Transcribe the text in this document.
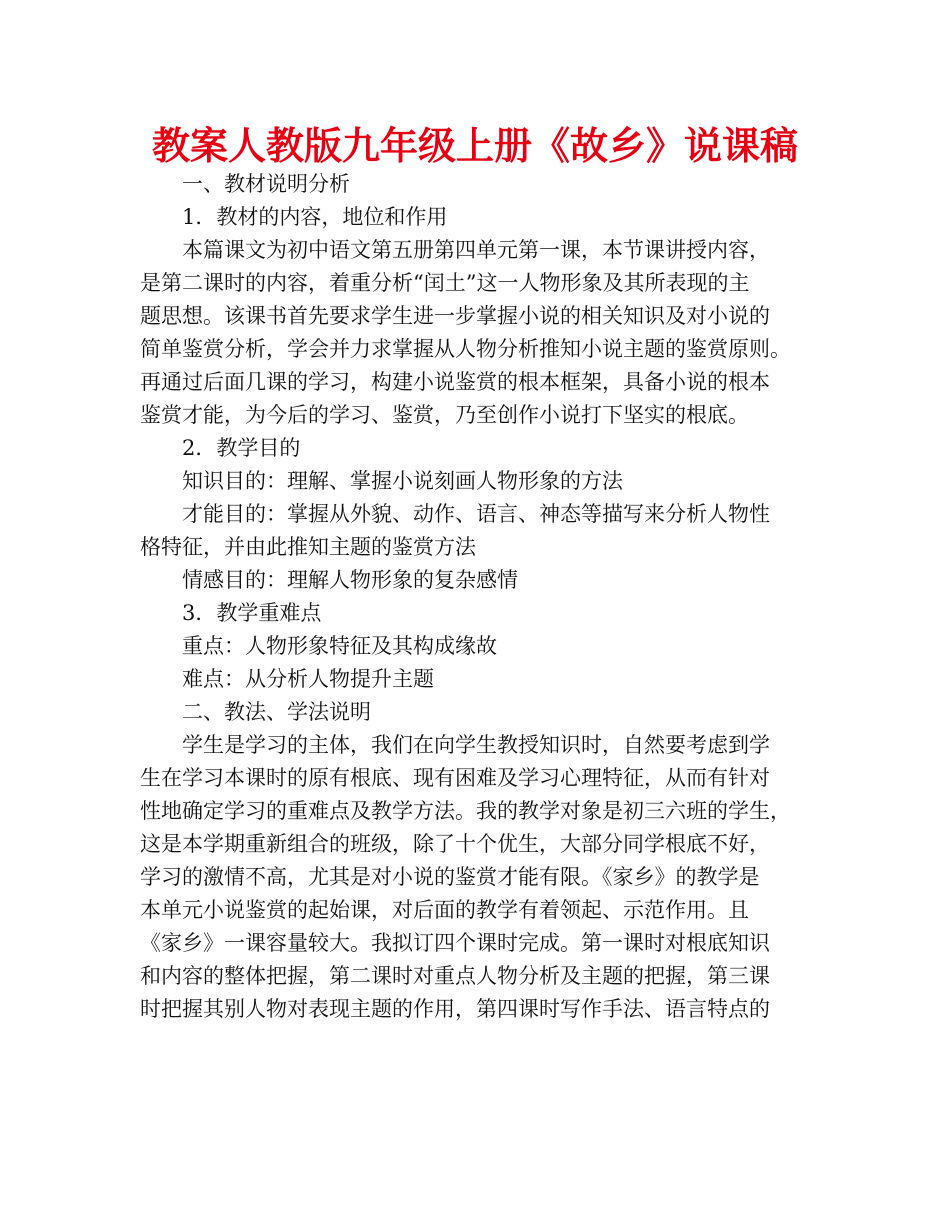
教案人教版九年级上册《故乡》说课稿

一、教材说明分析

1．教材的内容，地位和作用

本篇课文为初中语文第五册第四单元第一课，本节课讲授内容，

是第二课时的内容，着重分析“闰土”这一人物形象及其所表现的主

题思想。该课书首先要求学生进一步掌握小说的相关知识及对小说的

简单鉴赏分析，学会并力求掌握从人物分析推知小说主题的鉴赏原则。

再通过后面几课的学习，构建小说鉴赏的根本框架，具备小说的根本

鉴赏才能，为今后的学习、鉴赏，乃至创作小说打下坚实的根底。

2．教学目的

知识目的：理解、掌握小说刻画人物形象的方法

才能目的：掌握从外貌、动作、语言、神态等描写来分析人物性

格特征，并由此推知主题的鉴赏方法

情感目的：理解人物形象的复杂感情

3．教学重难点

重点：人物形象特征及其构成缘故

难点：从分析人物提升主题

二、教法、学法说明

学生是学习的主体，我们在向学生教授知识时，自然要考虑到学

生在学习本课时的原有根底、现有困难及学习心理特征，从而有针对

性地确定学习的重难点及教学方法。我的教学对象是初三六班的学生，

这是本学期重新组合的班级，除了十个优生，大部分同学根底不好，

学习的激情不高，尤其是对小说的鉴赏才能有限。《家乡》的教学是

本单元小说鉴赏的起始课，对后面的教学有着领起、示范作用。且

《家乡》一课容量较大。我拟订四个课时完成。第一课时对根底知识

和内容的整体把握，第二课时对重点人物分析及主题的把握，第三课

时把握其别人物对表现主题的作用，第四课时写作手法、语言特点的
